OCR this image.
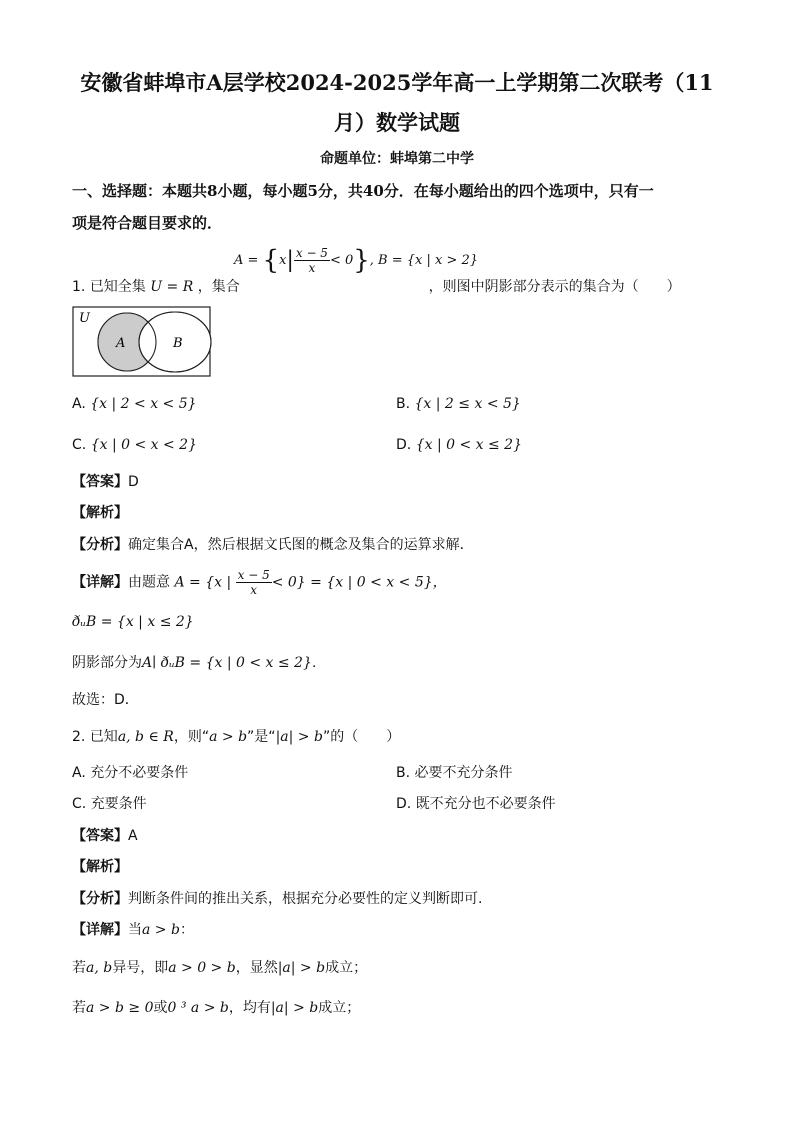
安徽省蚌埠市A层学校2024-2025学年高一上学期第二次联考（11
月）数学试题
命题单位：蚌埠第二中学
一、选择题：本题共8小题，每小题5分，共40分．在每小题给出的四个选项中，只有一
项是符合题目要求的．
1. 已知全集 U = R ，集合	，则图中阴影部分表示的集合为（　　）
$A = \{x| \frac{x - 5}{x} < 0\}$, B = {x | x > 2}
U
A	B
A. {x | 2 < x < 5}	B. {x | 2 ≤ x < 5}
C. {x | 0 < x < 2}	D. {x | 0 < x ≤ 2}
【答案】D
【解析】
【分析】确定集合A，然后根据文氏图的概念及集合的运算求解．
【详解】由题意 A = {x | $\frac{x - 5}{x} < 0\} = \{x$ | 0 < x < 5}，
ðᵤB = {x | x ≤ 2}
阴影部分为A∣ ðᵤB = {x | 0 < x ≤ 2}．
故选：D．
2. 已知a, b ∈ R，则“a > b”是“|a| > b”的（　　）
A. 充分不必要条件	B. 必要不充分条件
C. 充要条件	D. 既不充分也不必要条件
【答案】A
【解析】
【分析】判断条件间的推出关系，根据充分必要性的定义判断即可.
【详解】当a > b：
若a, b异号，即a > 0 > b，显然|a| > b成立；
若a > b ≥ 0或0 ³ a > b，均有|a| > b成立；
